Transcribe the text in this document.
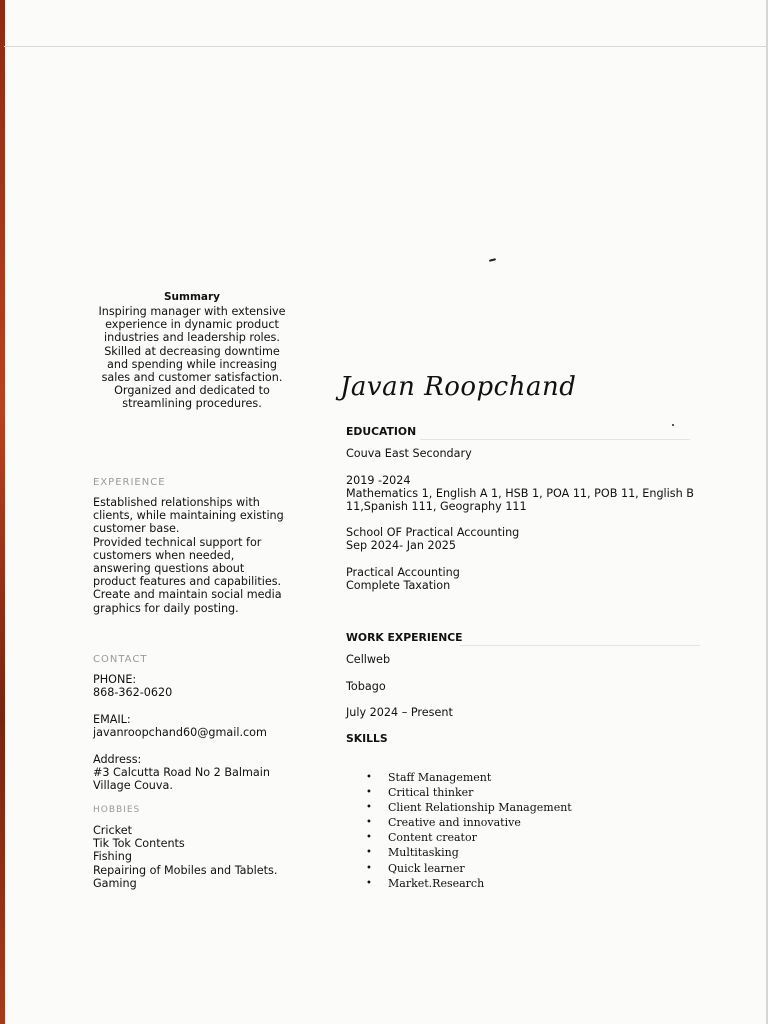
Summary
Inspiring manager with extensive
experience in dynamic product
industries and leadership roles.
Skilled at decreasing downtime
and spending while increasing
sales and customer satisfaction.
Organized and dedicated to
streamlining procedures.
EXPERIENCE
Established relationships with
clients, while maintaining existing
customer base.
Provided technical support for
customers when needed,
answering questions about
product features and capabilities.
Create and maintain social media
graphics for daily posting.
CONTACT
PHONE:
868-362-0620
EMAIL:
javanroopchand60@gmail.com
Address:
#3 Calcutta Road No 2 Balmain
Village Couva.
HOBBIES
Cricket
Tik Tok Contents
Fishing
Repairing of Mobiles and Tablets.
Gaming
Javan Roopchand
EDUCATION
Couva East Secondary
2019 -2024
Mathematics 1, English A 1, HSB 1, POA 11, POB 11, English B
11,Spanish 111, Geography 111
School OF Practical Accounting
Sep 2024- Jan 2025
Practical Accounting
Complete Taxation
WORK EXPERIENCE
Cellweb
Tobago
July 2024 – Present
SKILLS
• Staff Management
• Critical thinker
• Client Relationship Management
• Creative and innovative
• Content creator
• Multitasking
• Quick learner
• Market.Research
